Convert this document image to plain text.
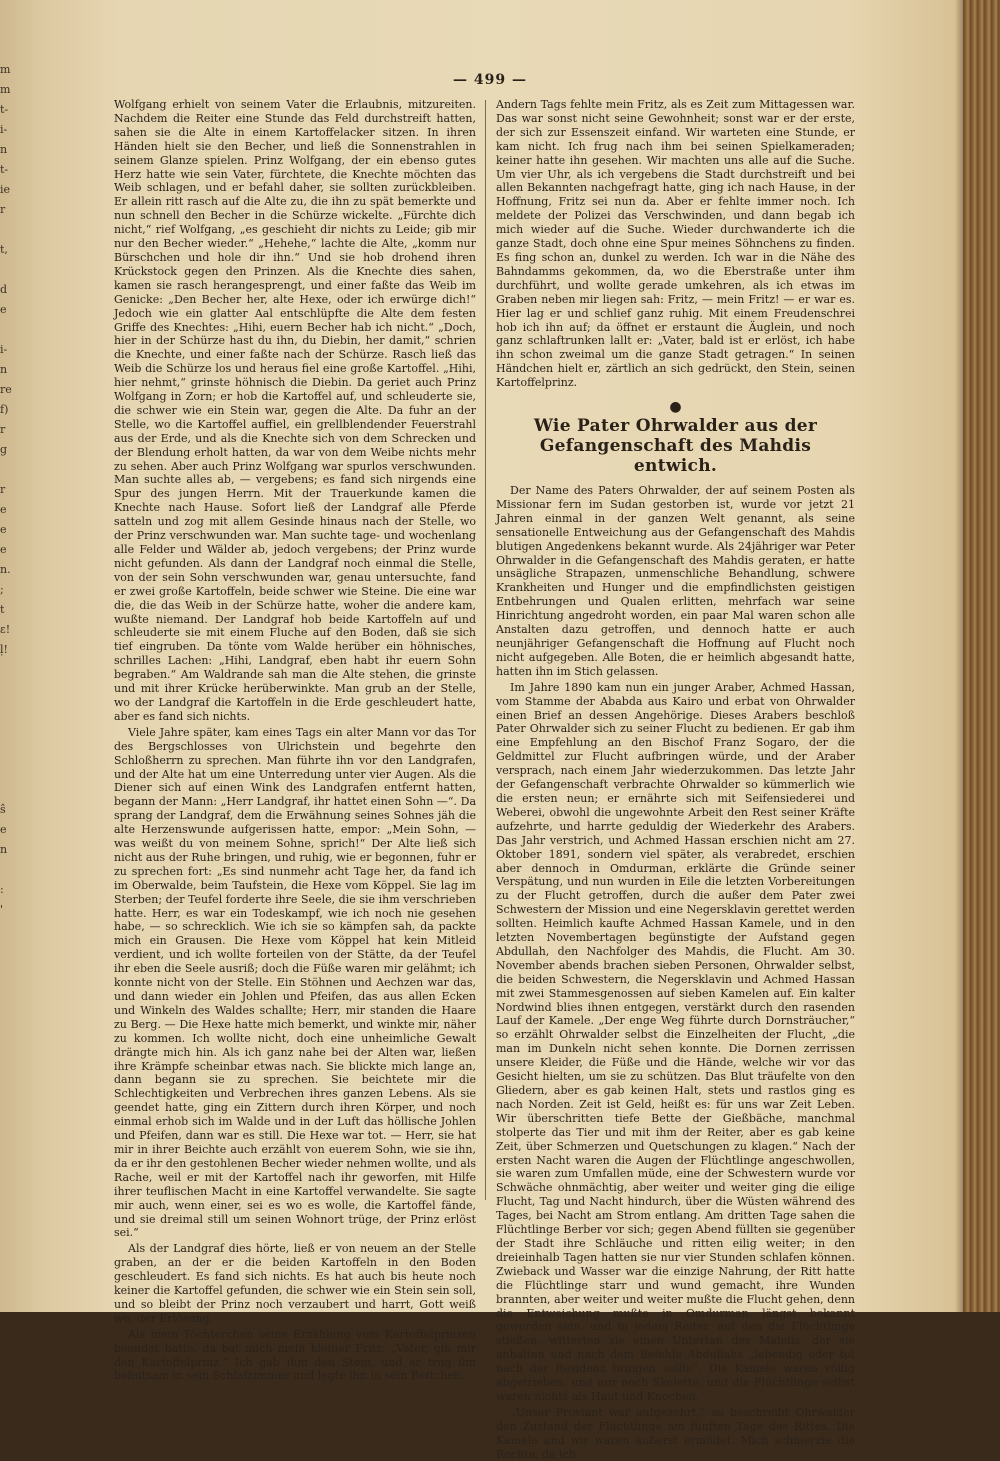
m
m
t-
i-
n
t-
ie
r

t,

d
e

i-
n
re
f)
r
g

r
e
e
e
n.
;
t
ɛ!
ḷ!

ŝ
e
n

:
'

— 499 —

Wolfgang erhielt von seinem Vater die Erlaubnis, mitzureiten. Nachdem die Reiter eine Stunde das Feld durchstreift hatten, sahen sie die Alte in einem Kartoffelacker sitzen. In ihren Händen hielt sie den Becher, und ließ die Sonnenstrahlen in seinem Glanze spielen. Prinz Wolfgang, der ein ebenso gutes Herz hatte wie sein Vater, fürchtete, die Knechte möchten das Weib schlagen, und er befahl daher, sie sollten zurückbleiben. Er allein ritt rasch auf die Alte zu, die ihn zu spät bemerkte und nun schnell den Becher in die Schürze wickelte. „Fürchte dich nicht,“ rief Wolfgang, „es geschieht dir nichts zu Leide; gib mir nur den Becher wieder.“ „Hehehe,“ lachte die Alte, „komm nur Bürschchen und hole dir ihn.“ Und sie hob drohend ihren Krückstock gegen den Prinzen. Als die Knechte dies sahen, kamen sie rasch herangesprengt, und einer faßte das Weib im Genicke: „Den Becher her, alte Hexe, oder ich erwürge dich!“ Jedoch wie ein glatter Aal entschlüpfte die Alte dem festen Griffe des Knechtes: „Hihi, euern Becher hab ich nicht.“ „Doch, hier in der Schürze hast du ihn, du Diebin, her damit,“ schrien die Knechte, und einer faßte nach der Schürze. Rasch ließ das Weib die Schürze los und heraus fiel eine große Kartoffel. „Hihi, hier nehmt,“ grinste höhnisch die Diebin. Da geriet auch Prinz Wolfgang in Zorn; er hob die Kartoffel auf, und schleuderte sie, die schwer wie ein Stein war, gegen die Alte. Da fuhr an der Stelle, wo die Kartoffel auffiel, ein grellblendender Feuerstrahl aus der Erde, und als die Knechte sich von dem Schrecken und der Blendung erholt hatten, da war von dem Weibe nichts mehr zu sehen. Aber auch Prinz Wolfgang war spurlos verschwunden. Man suchte alles ab, — vergebens; es fand sich nirgends eine Spur des jungen Herrn. Mit der Trauerkunde kamen die Knechte nach Hause. Sofort ließ der Landgraf alle Pferde satteln und zog mit allem Gesinde hinaus nach der Stelle, wo der Prinz verschwunden war. Man suchte tage- und wochenlang alle Felder und Wälder ab, jedoch vergebens; der Prinz wurde nicht gefunden. Als dann der Landgraf noch einmal die Stelle, von der sein Sohn verschwunden war, genau untersuchte, fand er zwei große Kartoffeln, beide schwer wie Steine. Die eine war die, die das Weib in der Schürze hatte, woher die andere kam, wußte niemand. Der Landgraf hob beide Kartoffeln auf und schleuderte sie mit einem Fluche auf den Boden, daß sie sich tief eingruben. Da tönte vom Walde herüber ein höhnisches, schrilles Lachen: „Hihi, Landgraf, eben habt ihr euern Sohn begraben.“ Am Waldrande sah man die Alte stehen, die grinste und mit ihrer Krücke herüberwinkte. Man grub an der Stelle, wo der Landgraf die Kartoffeln in die Erde geschleudert hatte, aber es fand sich nichts.

Viele Jahre später, kam eines Tags ein alter Mann vor das Tor des Bergschlosses von Ulrichstein und begehrte den Schloßherrn zu sprechen. Man führte ihn vor den Landgrafen, und der Alte hat um eine Unterredung unter vier Augen. Als die Diener sich auf einen Wink des Landgrafen entfernt hatten, begann der Mann: „Herr Landgraf, ihr hattet einen Sohn —“. Da sprang der Landgraf, dem die Erwähnung seines Sohnes jäh die alte Herzenswunde aufgerissen hatte, empor: „Mein Sohn, — was weißt du von meinem Sohne, sprich!“ Der Alte ließ sich nicht aus der Ruhe bringen, und ruhig, wie er begonnen, fuhr er zu sprechen fort: „Es sind nunmehr acht Tage her, da fand ich im Oberwalde, beim Taufstein, die Hexe vom Köppel. Sie lag im Sterben; der Teufel forderte ihre Seele, die sie ihm verschrieben hatte. Herr, es war ein Todeskampf, wie ich noch nie gesehen habe, — so schrecklich. Wie ich sie so kämpfen sah, da packte mich ein Grausen. Die Hexe vom Köppel hat kein Mitleid verdient, und ich wollte forteilen von der Stätte, da der Teufel ihr eben die Seele ausriß; doch die Füße waren mir gelähmt; ich konnte nicht von der Stelle. Ein Stöhnen und Aechzen war das, und dann wieder ein Johlen und Pfeifen, das aus allen Ecken und Winkeln des Waldes schallte; Herr, mir standen die Haare zu Berg. — Die Hexe hatte mich bemerkt, und winkte mir, näher zu kommen. Ich wollte nicht, doch eine unheimliche Gewalt drängte mich hin. Als ich ganz nahe bei der Alten war, ließen ihre Krämpfe scheinbar etwas nach. Sie blickte mich lange an, dann begann sie zu sprechen. Sie beichtete mir die Schlechtigkeiten und Verbrechen ihres ganzen Lebens. Als sie geendet hatte, ging ein Zittern durch ihren Körper, und noch einmal erhob sich im Walde und in der Luft das höllische Johlen und Pfeifen, dann war es still. Die Hexe war tot. — Herr, sie hat mir in ihrer Beichte auch erzählt von euerem Sohn, wie sie ihn, da er ihr den gestohlenen Becher wieder nehmen wollte, und als Rache, weil er mit der Kartoffel nach ihr geworfen, mit Hilfe ihrer teuflischen Macht in eine Kartoffel verwandelte. Sie sagte mir auch, wenn einer, sei es wo es wolle, die Kartoffel fände, und sie dreimal still um seinen Wohnort trüge, der Prinz erlöst sei.“

Als der Landgraf dies hörte, ließ er von neuem an der Stelle graben, an der er die beiden Kartoffeln in den Boden geschleudert. Es fand sich nichts. Es hat auch bis heute noch keiner die Kartoffel gefunden, die schwer wie ein Stein sein soll, und so bleibt der Prinz noch verzaubert und harrt, Gott weiß wo, der Erlösung.

Als mein Töchterchen seine Erzählung vom Kartoffelprinzen beendet hatte, da bat mich mein kleiner Fritz: „Vater, gib mir den Kartoffelprinz.“ Ich gab ihm den Stein, und er trug ihn behutsam in sein Schlafzimmer und legte ihn in sein Bettchen.

Andern Tags fehlte mein Fritz, als es Zeit zum Mittagessen war. Das war sonst nicht seine Gewohnheit; sonst war er der erste, der sich zur Essenszeit einfand. Wir warteten eine Stunde, er kam nicht. Ich frug nach ihm bei seinen Spielkameraden; keiner hatte ihn gesehen. Wir machten uns alle auf die Suche. Um vier Uhr, als ich vergebens die Stadt durchstreift und bei allen Bekannten nachgefragt hatte, ging ich nach Hause, in der Hoffnung, Fritz sei nun da. Aber er fehlte immer noch. Ich meldete der Polizei das Verschwinden, und dann begab ich mich wieder auf die Suche. Wieder durchwanderte ich die ganze Stadt, doch ohne eine Spur meines Söhnchens zu finden. Es fing schon an, dunkel zu werden. Ich war in die Nähe des Bahndamms gekommen, da, wo die Eberstraße unter ihm durchführt, und wollte gerade umkehren, als ich etwas im Graben neben mir liegen sah: Fritz, — mein Fritz! — er war es. Hier lag er und schlief ganz ruhig. Mit einem Freudenschrei hob ich ihn auf; da öffnet er erstaunt die Äuglein, und noch ganz schlaftrunken lallt er: „Vater, bald ist er erlöst, ich habe ihn schon zweimal um die ganze Stadt getragen.“ In seinen Händchen hielt er, zärtlich an sich gedrückt, den Stein, seinen Kartoffelprinz.

●
Wie Pater Ohrwalder aus der Gefangenschaft des Mahdis entwich.

Der Name des Paters Ohrwalder, der auf seinem Posten als Missionar fern im Sudan gestorben ist, wurde vor jetzt 21 Jahren einmal in der ganzen Welt genannt, als seine sensationelle Entweichung aus der Gefangenschaft des Mahdis blutigen Angedenkens bekannt wurde. Als 24jähriger war Peter Ohrwalder in die Gefangenschaft des Mahdis geraten, er hatte unsägliche Strapazen, unmenschliche Behandlung, schwere Krankheiten und Hunger und die empfindlichsten geistigen Entbehrungen und Qualen erlitten, mehrfach war seine Hinrichtung angedroht worden, ein paar Mal waren schon alle Anstalten dazu getroffen, und dennoch hatte er auch neunjähriger Gefangenschaft die Hoffnung auf Flucht noch nicht aufgegeben. Alle Boten, die er heimlich abgesandt hatte, hatten ihn im Stich gelassen.

Im Jahre 1890 kam nun ein junger Araber, Achmed Hassan, vom Stamme der Ababda aus Kairo und erbat von Ohrwalder einen Brief an dessen Angehörige. Dieses Arabers beschloß Pater Ohrwalder sich zu seiner Flucht zu bedienen. Er gab ihm eine Empfehlung an den Bischof Franz Sogaro, der die Geldmittel zur Flucht aufbringen würde, und der Araber versprach, nach einem Jahr wiederzukommen. Das letzte Jahr der Gefangenschaft verbrachte Ohrwalder so kümmerlich wie die ersten neun; er ernährte sich mit Seifensiederei und Weberei, obwohl die ungewohnte Arbeit den Rest seiner Kräfte aufzehrte, und harrte geduldig der Wiederkehr des Arabers. Das Jahr verstrich, und Achmed Hassan erschien nicht am 27. Oktober 1891, sondern viel später, als verabredet, erschien aber dennoch in Omdurman, erklärte die Gründe seiner Verspätung, und nun wurden in Eile die letzten Vorbereitungen zu der Flucht getroffen, durch die außer dem Pater zwei Schwestern der Mission und eine Negersklavin gerettet werden sollten. Heimlich kaufte Achmed Hassan Kamele, und in den letzten Novembertagen begünstigte der Aufstand gegen Abdullah, den Nachfolger des Mahdis, die Flucht. Am 30. November abends brachen sieben Personen, Ohrwalder selbst, die beiden Schwestern, die Negersklavin und Achmed Hassan mit zwei Stammesgenossen auf sieben Kamelen auf. Ein kalter Nordwind blies ihnen entgegen, verstärkt durch den rasenden Lauf der Kamele. „Der enge Weg führte durch Dornsträucher,“ so erzählt Ohrwalder selbst die Einzelheiten der Flucht, „die man im Dunkeln nicht sehen konnte. Die Dornen zerrissen unsere Kleider, die Füße und die Hände, welche wir vor das Gesicht hielten, um sie zu schützen. Das Blut träufelte von den Gliedern, aber es gab keinen Halt, stets und rastlos ging es nach Norden. Zeit ist Geld, heißt es: für uns war Zeit Leben. Wir überschritten tiefe Bette der Gießbäche, manchmal stolperte das Tier und mit ihm der Reiter, aber es gab keine Zeit, über Schmerzen und Quetschungen zu klagen.“ Nach der ersten Nacht waren die Augen der Flüchtlinge angeschwollen, sie waren zum Umfallen müde, eine der Schwestern wurde vor Schwäche ohnmächtig, aber weiter und weiter ging die eilige Flucht, Tag und Nacht hindurch, über die Wüsten während des Tages, bei Nacht am Strom entlang. Am dritten Tage sahen die Flüchtlinge Berber vor sich; gegen Abend füllten sie gegenüber der Stadt ihre Schläuche und ritten eilig weiter; in den dreieinhalb Tagen hatten sie nur vier Stunden schlafen können. Zwieback und Wasser war die einzige Nahrung, der Ritt hatte die Flüchtlinge starr und wund gemacht, ihre Wunden brannten, aber weiter und weiter mußte die Flucht gehen, denn die Entweichung mußte in Omdurman längst bekannt geworden sein, und in jedem Reiter, auf den die Flüchtlinge stießen, witterten sie einen Untertan des Mahdis, der sie anhalten und nach dem Befehle Abdullahs „lebendig oder tot nach der Residenz bringen sollte“. Die Kamele waren völlig abgetrieben, und nur noch Skelette, und die Flüchtlinge selbst waren nichts als Haut und Knochen.

„Unser Proviant war aufgezehrt,“ so beschreibt Ohrwalder den Zustand der Flüchtlinge am fünften Tage des Rittes. Die Kamele und wir waren äußerst ermüdet. Mich schmerzte die Rechte, da ich
